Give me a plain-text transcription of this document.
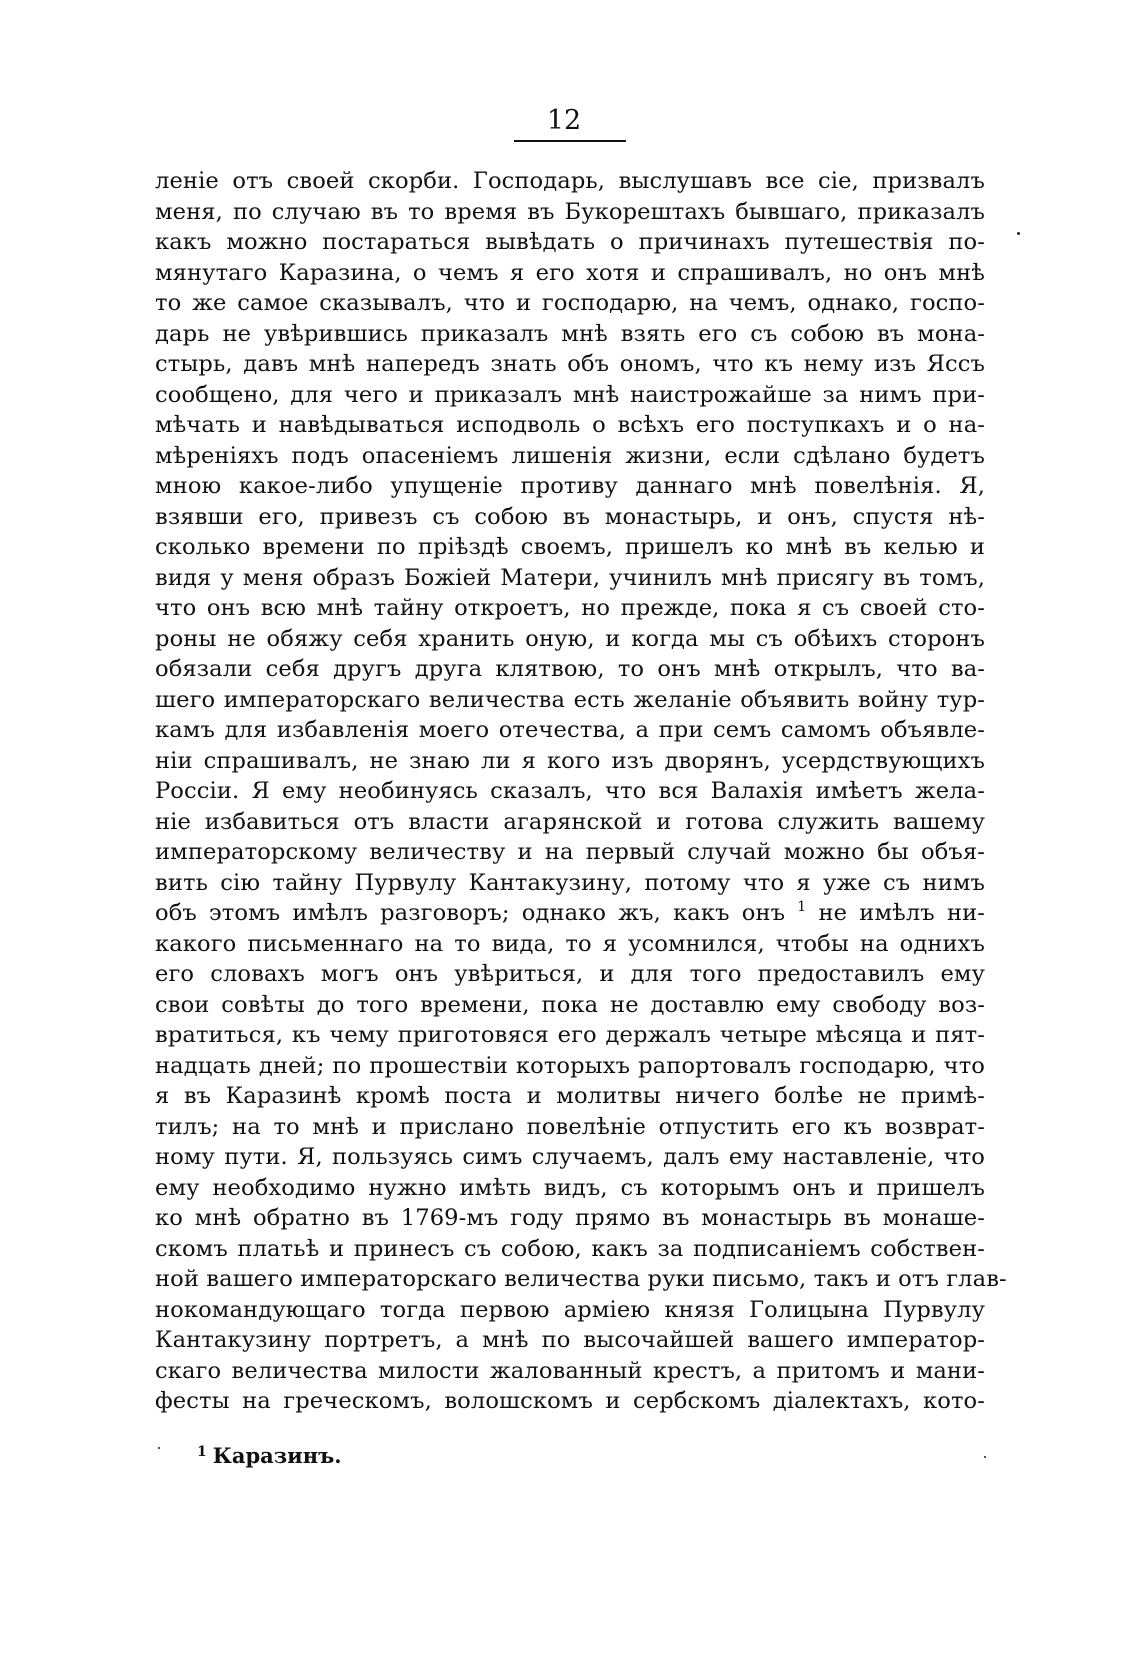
12
леніе отъ своей скорби. Господарь, выслушавъ все сіе, призвалъ
меня, по случаю въ то время въ Букорештахъ бывшаго, приказалъ
какъ можно постараться вывѣдать о причинахъ путешествія по-
мянутаго Каразина, о чемъ я его хотя и спрашивалъ, но онъ мнѣ
то же самое сказывалъ, что и господарю, на чемъ, однако, госпо-
дарь не увѣрившись приказалъ мнѣ взять его съ собою въ мона-
стырь, давъ мнѣ напередъ знать объ ономъ, что къ нему изъ Яссъ
сообщено, для чего и приказалъ мнѣ наистрожайше за нимъ при-
мѣчать и навѣдываться исподволь о всѣхъ его поступкахъ и о на-
мѣреніяхъ подъ опасеніемъ лишенія жизни, если сдѣлано будетъ
мною какое-либо упущеніе противу даннаго мнѣ повелѣнія. Я,
взявши его, привезъ съ собою въ монастырь, и онъ, спустя нѣ-
сколько времени по пріѣздѣ своемъ, пришелъ ко мнѣ въ келью и
видя у меня образъ Божіей Матери, учинилъ мнѣ присягу въ томъ,
что онъ всю мнѣ тайну откроетъ, но прежде, пока я съ своей сто-
роны не обяжу себя хранить оную, и когда мы съ обѣихъ сторонъ
обязали себя другъ друга клятвою, то онъ мнѣ открылъ, что ва-
шего императорскаго величества есть желаніе объявить войну тур-
камъ для избавленія моего отечества, а при семъ самомъ объявле-
ніи спрашивалъ, не знаю ли я кого изъ дворянъ, усердствующихъ
Россіи. Я ему необинуясь сказалъ, что вся Валахія имѣетъ жела-
ніе избавиться отъ власти агарянской и готова служить вашему
императорскому величеству и на первый случай можно бы объя-
вить сію тайну Пурвулу Кантакузину, потому что я уже съ нимъ
объ этомъ имѣлъ разговоръ; однако жъ, какъ онъ $^1$ не имѣлъ ни-
какого письменнаго на то вида, то я усомнился, чтобы на однихъ
его словахъ могъ онъ увѣриться, и для того предоставилъ ему
свои совѣты до того времени, пока не доставлю ему свободу воз-
вратиться, къ чему приготовяся его держалъ четыре мѣсяца и пят-
надцать дней; по прошествіи которыхъ рапортовалъ господарю, что
я въ Каразинѣ кромѣ поста и молитвы ничего болѣе не примѣ-
тилъ; на то мнѣ и прислано повелѣніе отпустить его къ возврат-
ному пути. Я, пользуясь симъ случаемъ, далъ ему наставленіе, что
ему необходимо нужно имѣть видъ, съ которымъ онъ и пришелъ
ко мнѣ обратно въ 1769-мъ году прямо въ монастырь въ монаше-
скомъ платьѣ и принесъ съ собою, какъ за подписаніемъ собствен-
ной вашего императорскаго величества руки письмо, такъ и отъ глав-
нокомандующаго тогда первою арміею князя Голицына Пурвулу
Кантакузину портретъ, а мнѣ по высочайшей вашего император-
скаго величества милости жалованный крестъ, а притомъ и мани-
фесты на греческомъ, волошскомъ и сербскомъ діалектахъ, кото-
$^1$ Каразинъ.
